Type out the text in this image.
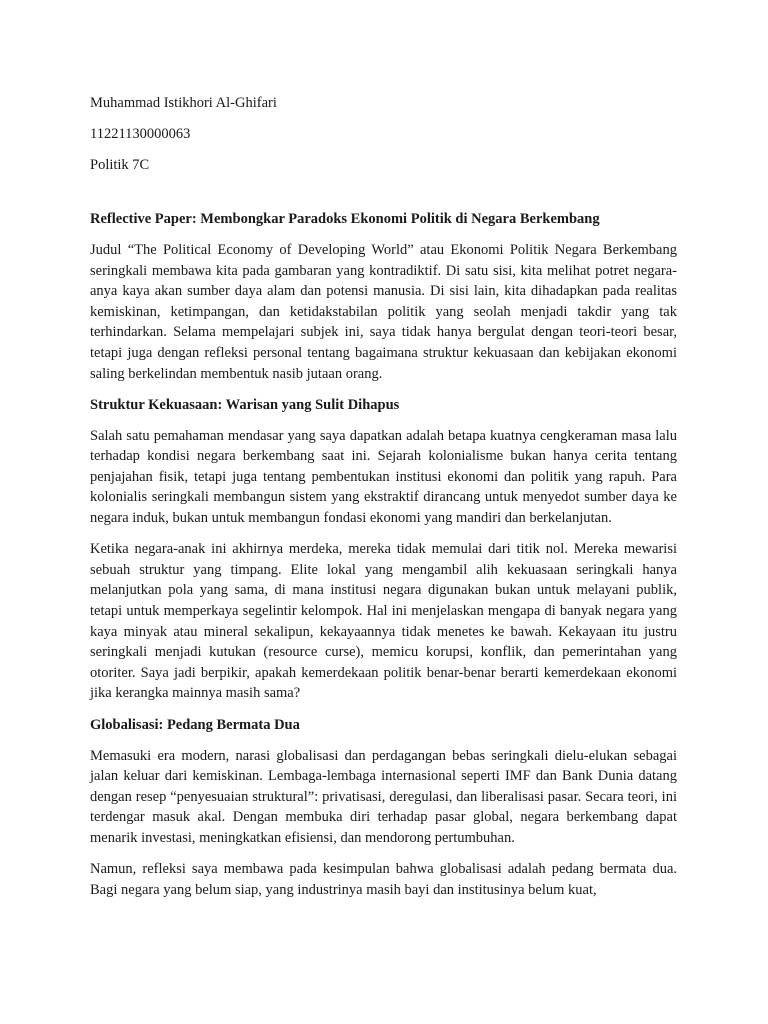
Muhammad Istikhori Al-Ghifari
11221130000063
Politik 7C
Reflective Paper: Membongkar Paradoks Ekonomi Politik di Negara Berkembang

Judul “The Political Economy of Developing World” atau Ekonomi Politik Negara Berkembang seringkali membawa kita pada gambaran yang kontradiktif. Di satu sisi, kita melihat potret negara-anya kaya akan sumber daya alam dan potensi manusia. Di sisi lain, kita dihadapkan pada realitas kemiskinan, ketimpangan, dan ketidakstabilan politik yang seolah menjadi takdir yang tak terhindarkan. Selama mempelajari subjek ini, saya tidak hanya bergulat dengan teori-teori besar, tetapi juga dengan refleksi personal tentang bagaimana struktur kekuasaan dan kebijakan ekonomi saling berkelindan membentuk nasib jutaan orang.

Struktur Kekuasaan: Warisan yang Sulit Dihapus

Salah satu pemahaman mendasar yang saya dapatkan adalah betapa kuatnya cengkeraman masa lalu terhadap kondisi negara berkembang saat ini. Sejarah kolonialisme bukan hanya cerita tentang penjajahan fisik, tetapi juga tentang pembentukan institusi ekonomi dan politik yang rapuh. Para kolonialis seringkali membangun sistem yang ekstraktif dirancang untuk menyedot sumber daya ke negara induk, bukan untuk membangun fondasi ekonomi yang mandiri dan berkelanjutan.

Ketika negara-anak ini akhirnya merdeka, mereka tidak memulai dari titik nol. Mereka mewarisi sebuah struktur yang timpang. Elite lokal yang mengambil alih kekuasaan seringkali hanya melanjutkan pola yang sama, di mana institusi negara digunakan bukan untuk melayani publik, tetapi untuk memperkaya segelintir kelompok. Hal ini menjelaskan mengapa di banyak negara yang kaya minyak atau mineral sekalipun, kekayaannya tidak menetes ke bawah. Kekayaan itu justru seringkali menjadi kutukan (resource curse), memicu korupsi, konflik, dan pemerintahan yang otoriter. Saya jadi berpikir, apakah kemerdekaan politik benar-benar berarti kemerdekaan ekonomi jika kerangka mainnya masih sama?

Globalisasi: Pedang Bermata Dua

Memasuki era modern, narasi globalisasi dan perdagangan bebas seringkali dielu-elukan sebagai jalan keluar dari kemiskinan. Lembaga-lembaga internasional seperti IMF dan Bank Dunia datang dengan resep “penyesuaian struktural”: privatisasi, deregulasi, dan liberalisasi pasar. Secara teori, ini terdengar masuk akal. Dengan membuka diri terhadap pasar global, negara berkembang dapat menarik investasi, meningkatkan efisiensi, dan mendorong pertumbuhan.

Namun, refleksi saya membawa pada kesimpulan bahwa globalisasi adalah pedang bermata dua. Bagi negara yang belum siap, yang industrinya masih bayi dan institusinya belum kuat,
